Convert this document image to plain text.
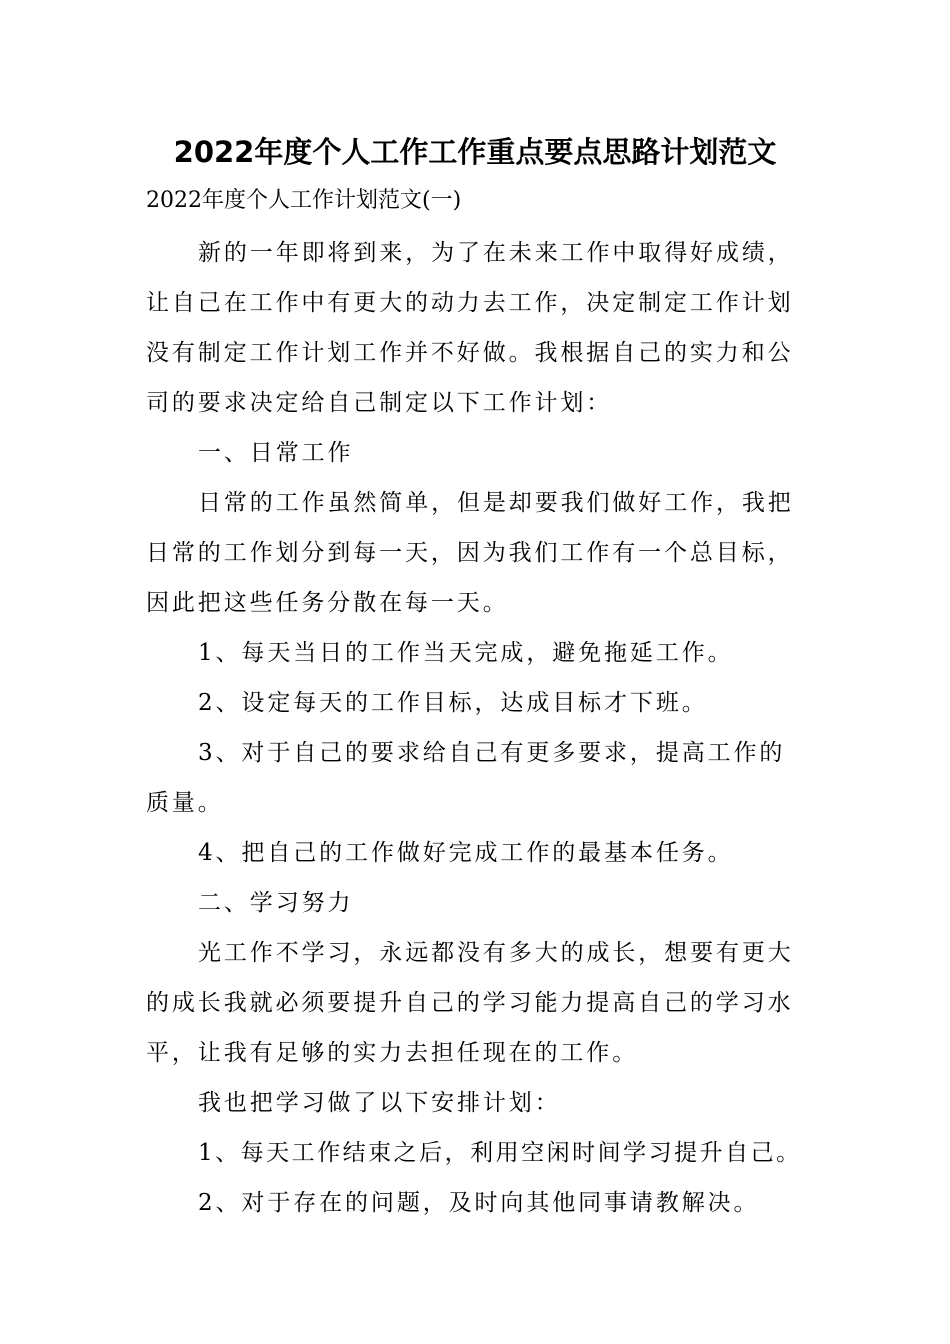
2022年度个人工作工作重点要点思路计划范文
2022年度个人工作计划范文(一)

新的一年即将到来，为了在未来工作中取得好成绩，让自己在工作中有更大的动力去工作，决定制定工作计划没有制定工作计划工作并不好做。我根据自己的实力和公司的要求决定给自己制定以下工作计划：

一、日常工作

日常的工作虽然简单，但是却要我们做好工作，我把日常的工作划分到每一天，因为我们工作有一个总目标，因此把这些任务分散在每一天。

1、每天当日的工作当天完成，避免拖延工作。

2、设定每天的工作目标，达成目标才下班。

3、对于自己的要求给自己有更多要求，提高工作的质量。

4、把自己的工作做好完成工作的最基本任务。

二、学习努力

光工作不学习，永远都没有多大的成长，想要有更大的成长我就必须要提升自己的学习能力提高自己的学习水平，让我有足够的实力去担任现在的工作。

我也把学习做了以下安排计划：

1、每天工作结束之后，利用空闲时间学习提升自己。

2、对于存在的问题，及时向其他同事请教解决。
